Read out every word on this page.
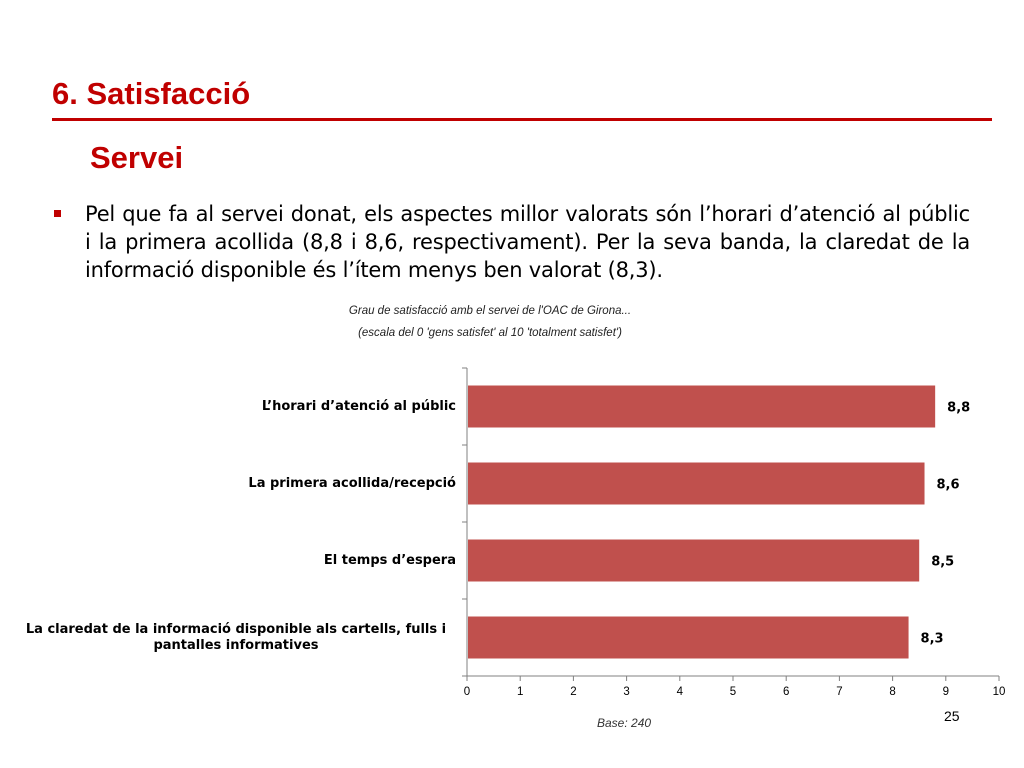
6. Satisfacció
Servei
Pel que fa al servei donat, els aspectes millor valorats són l’horari d’atenció al públic i la primera acollida (8,8 i 8,6, respectivament). Per la seva banda, la claredat de la informació disponible és l’ítem menys ben valorat (8,3).
Grau de satisfacció amb el servei de l'OAC de Girona...
(escala del 0 'gens satisfet' al 10 'totalment satisfet')
L’horari d’atenció al públic
La primera acollida/recepció
El temps d’espera
La claredat de la informació disponible als cartells, fulls i pantalles informatives
0	1	2	3	4	5	6	7	8	9	10
8,8
8,6
8,5
8,3
Base: 240	25
